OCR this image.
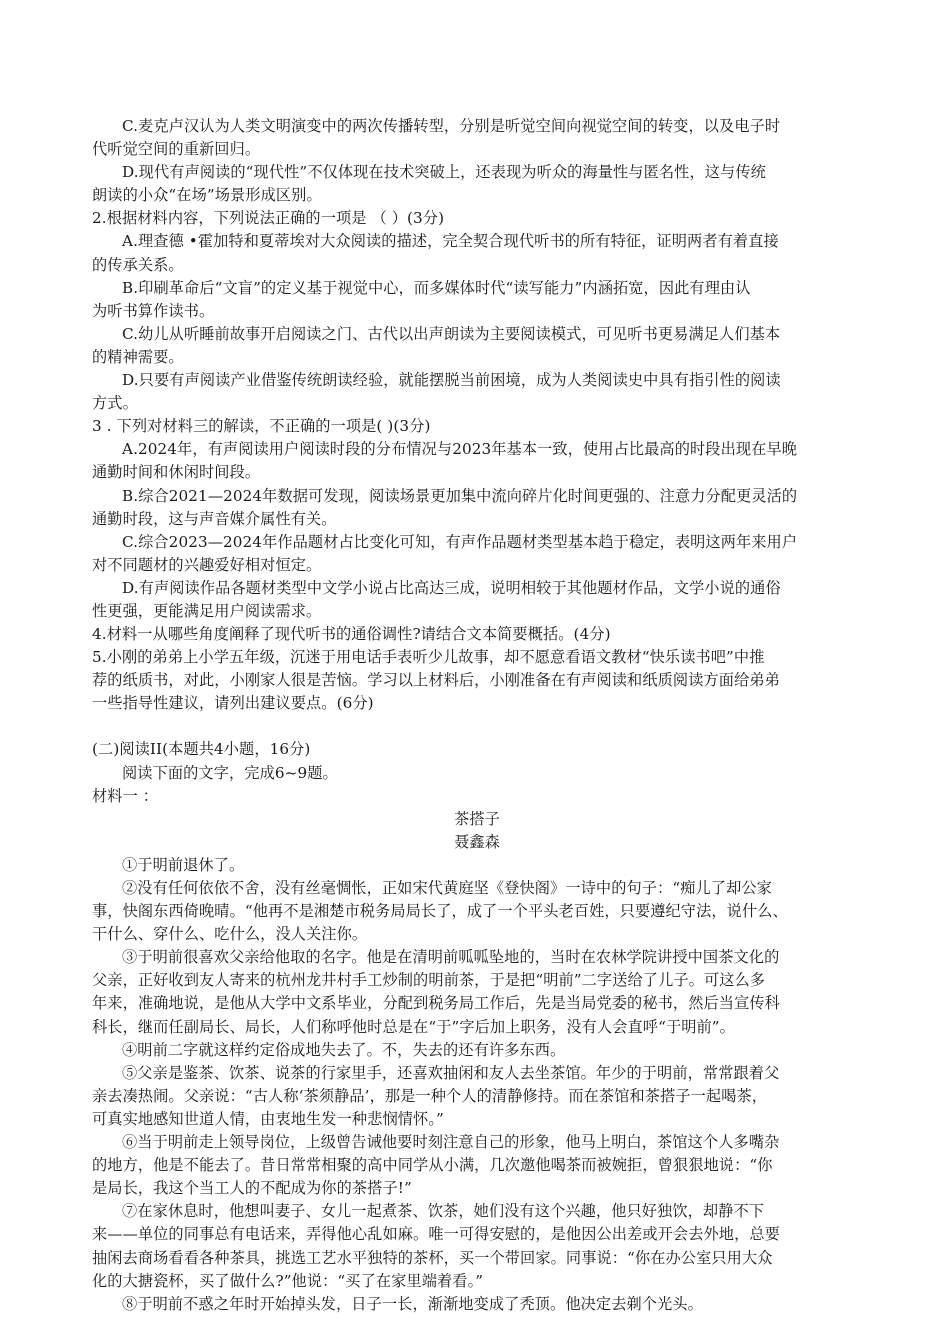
C.麦克卢汉认为人类文明演变中的两次传播转型，分别是听觉空间向视觉空间的转变，以及电子时
代听觉空间的重新回归。
D.现代有声阅读的“现代性”不仅体现在技术突破上，还表现为听众的海量性与匿名性，这与传统
朗读的小众“在场”场景形成区别。
2.根据材料内容，下列说法正确的一项是 （ ）(3分)
A.理查德 •霍加特和夏蒂埃对大众阅读的描述，完全契合现代听书的所有特征，证明两者有着直接
的传承关系。
B.印刷革命后“文盲”的定义基于视觉中心，而多媒体时代“读写能力”内涵拓宽，因此有理由认
为听书算作读书。
C.幼儿从听睡前故事开启阅读之门、古代以出声朗读为主要阅读模式，可见听书更易满足人们基本
的精神需要。
D.只要有声阅读产业借鉴传统朗读经验，就能摆脱当前困境，成为人类阅读史中具有指引性的阅读
方式。
3 . 下列对材料三的解读，不正确的一项是( )(3分)
A.2024年，有声阅读用户阅读时段的分布情况与2023年基本一致，使用占比最高的时段出现在早晚
通勤时间和休闲时间段。
B.综合2021—2024年数据可发现，阅读场景更加集中流向碎片化时间更强的、注意力分配更灵活的
通勤时段，这与声音媒介属性有关。
C.综合2023—2024年作品题材占比变化可知，有声作品题材类型基本趋于稳定，表明这两年来用户
对不同题材的兴趣爱好相对恒定。
D.有声阅读作品各题材类型中文学小说占比高达三成，说明相较于其他题材作品，文学小说的通俗
性更强，更能满足用户阅读需求。
4.材料一从哪些角度阐释了现代听书的通俗调性?请结合文本简要概括。(4分)
5.小刚的弟弟上小学五年级，沉迷于用电话手表听少儿故事，却不愿意看语文教材“快乐读书吧”中推
荐的纸质书，对此，小刚家人很是苦恼。学习以上材料后，小刚准备在有声阅读和纸质阅读方面给弟弟
一些指导性建议，请列出建议要点。(6分)
(二)阅读II(本题共4小题，16分)
阅读下面的文字，完成6~9题。
材料一 ：
茶搭子
聂鑫森
①于明前退休了。
②没有任何依依不舍，没有丝毫惆怅，正如宋代黄庭坚《登快阁》一诗中的句子：“痴儿了却公家
事，快阁东西倚晚晴。“他再不是湘楚市税务局局长了，成了一个平头老百姓，只要遵纪守法，说什么、
干什么、穿什么、吃什么，没人关注你。
③于明前很喜欢父亲给他取的名字。他是在清明前呱呱坠地的，当时在农林学院讲授中国茶文化的
父亲，正好收到友人寄来的杭州龙井村手工炒制的明前茶，于是把“明前”二字送给了儿子。可这么多
年来，准确地说，是他从大学中文系毕业，分配到税务局工作后，先是当局党委的秘书，然后当宣传科
科长，继而任副局长、局长，人们称呼他时总是在“于”字后加上职务，没有人会直呼“于明前”。
④明前二字就这样约定俗成地失去了。不，失去的还有许多东西。
⑤父亲是鉴茶、饮茶、说茶的行家里手，还喜欢抽闲和友人去坐茶馆。年少的于明前，常常跟着父
亲去凑热闹。父亲说：“古人称‘茶须静品’，那是一种个人的清静修持。而在茶馆和茶搭子一起喝茶，
可真实地感知世道人情，由衷地生发一种悲悯情怀。”
⑥当于明前走上领导岗位，上级曾告诫他要时刻注意自己的形象，他马上明白，茶馆这个人多嘴杂
的地方，他是不能去了。昔日常常相聚的高中同学从小满，几次邀他喝茶而被婉拒，曾狠狠地说：“你
是局长，我这个当工人的不配成为你的茶搭子!”
⑦在家休息时，他想叫妻子、女儿一起煮茶、饮茶，她们没有这个兴趣，他只好独饮，却静不下
来——单位的同事总有电话来，弄得他心乱如麻。唯一可得安慰的，是他因公出差或开会去外地，总要
抽闲去商场看看各种茶具，挑选工艺水平独特的茶杯，买一个带回家。同事说：“你在办公室只用大众
化的大搪瓷杯，买了做什么?”他说：“买了在家里端着看。”
⑧于明前不惑之年时开始掉头发，日子一长，渐渐地变成了秃顶。他决定去剃个光头。
